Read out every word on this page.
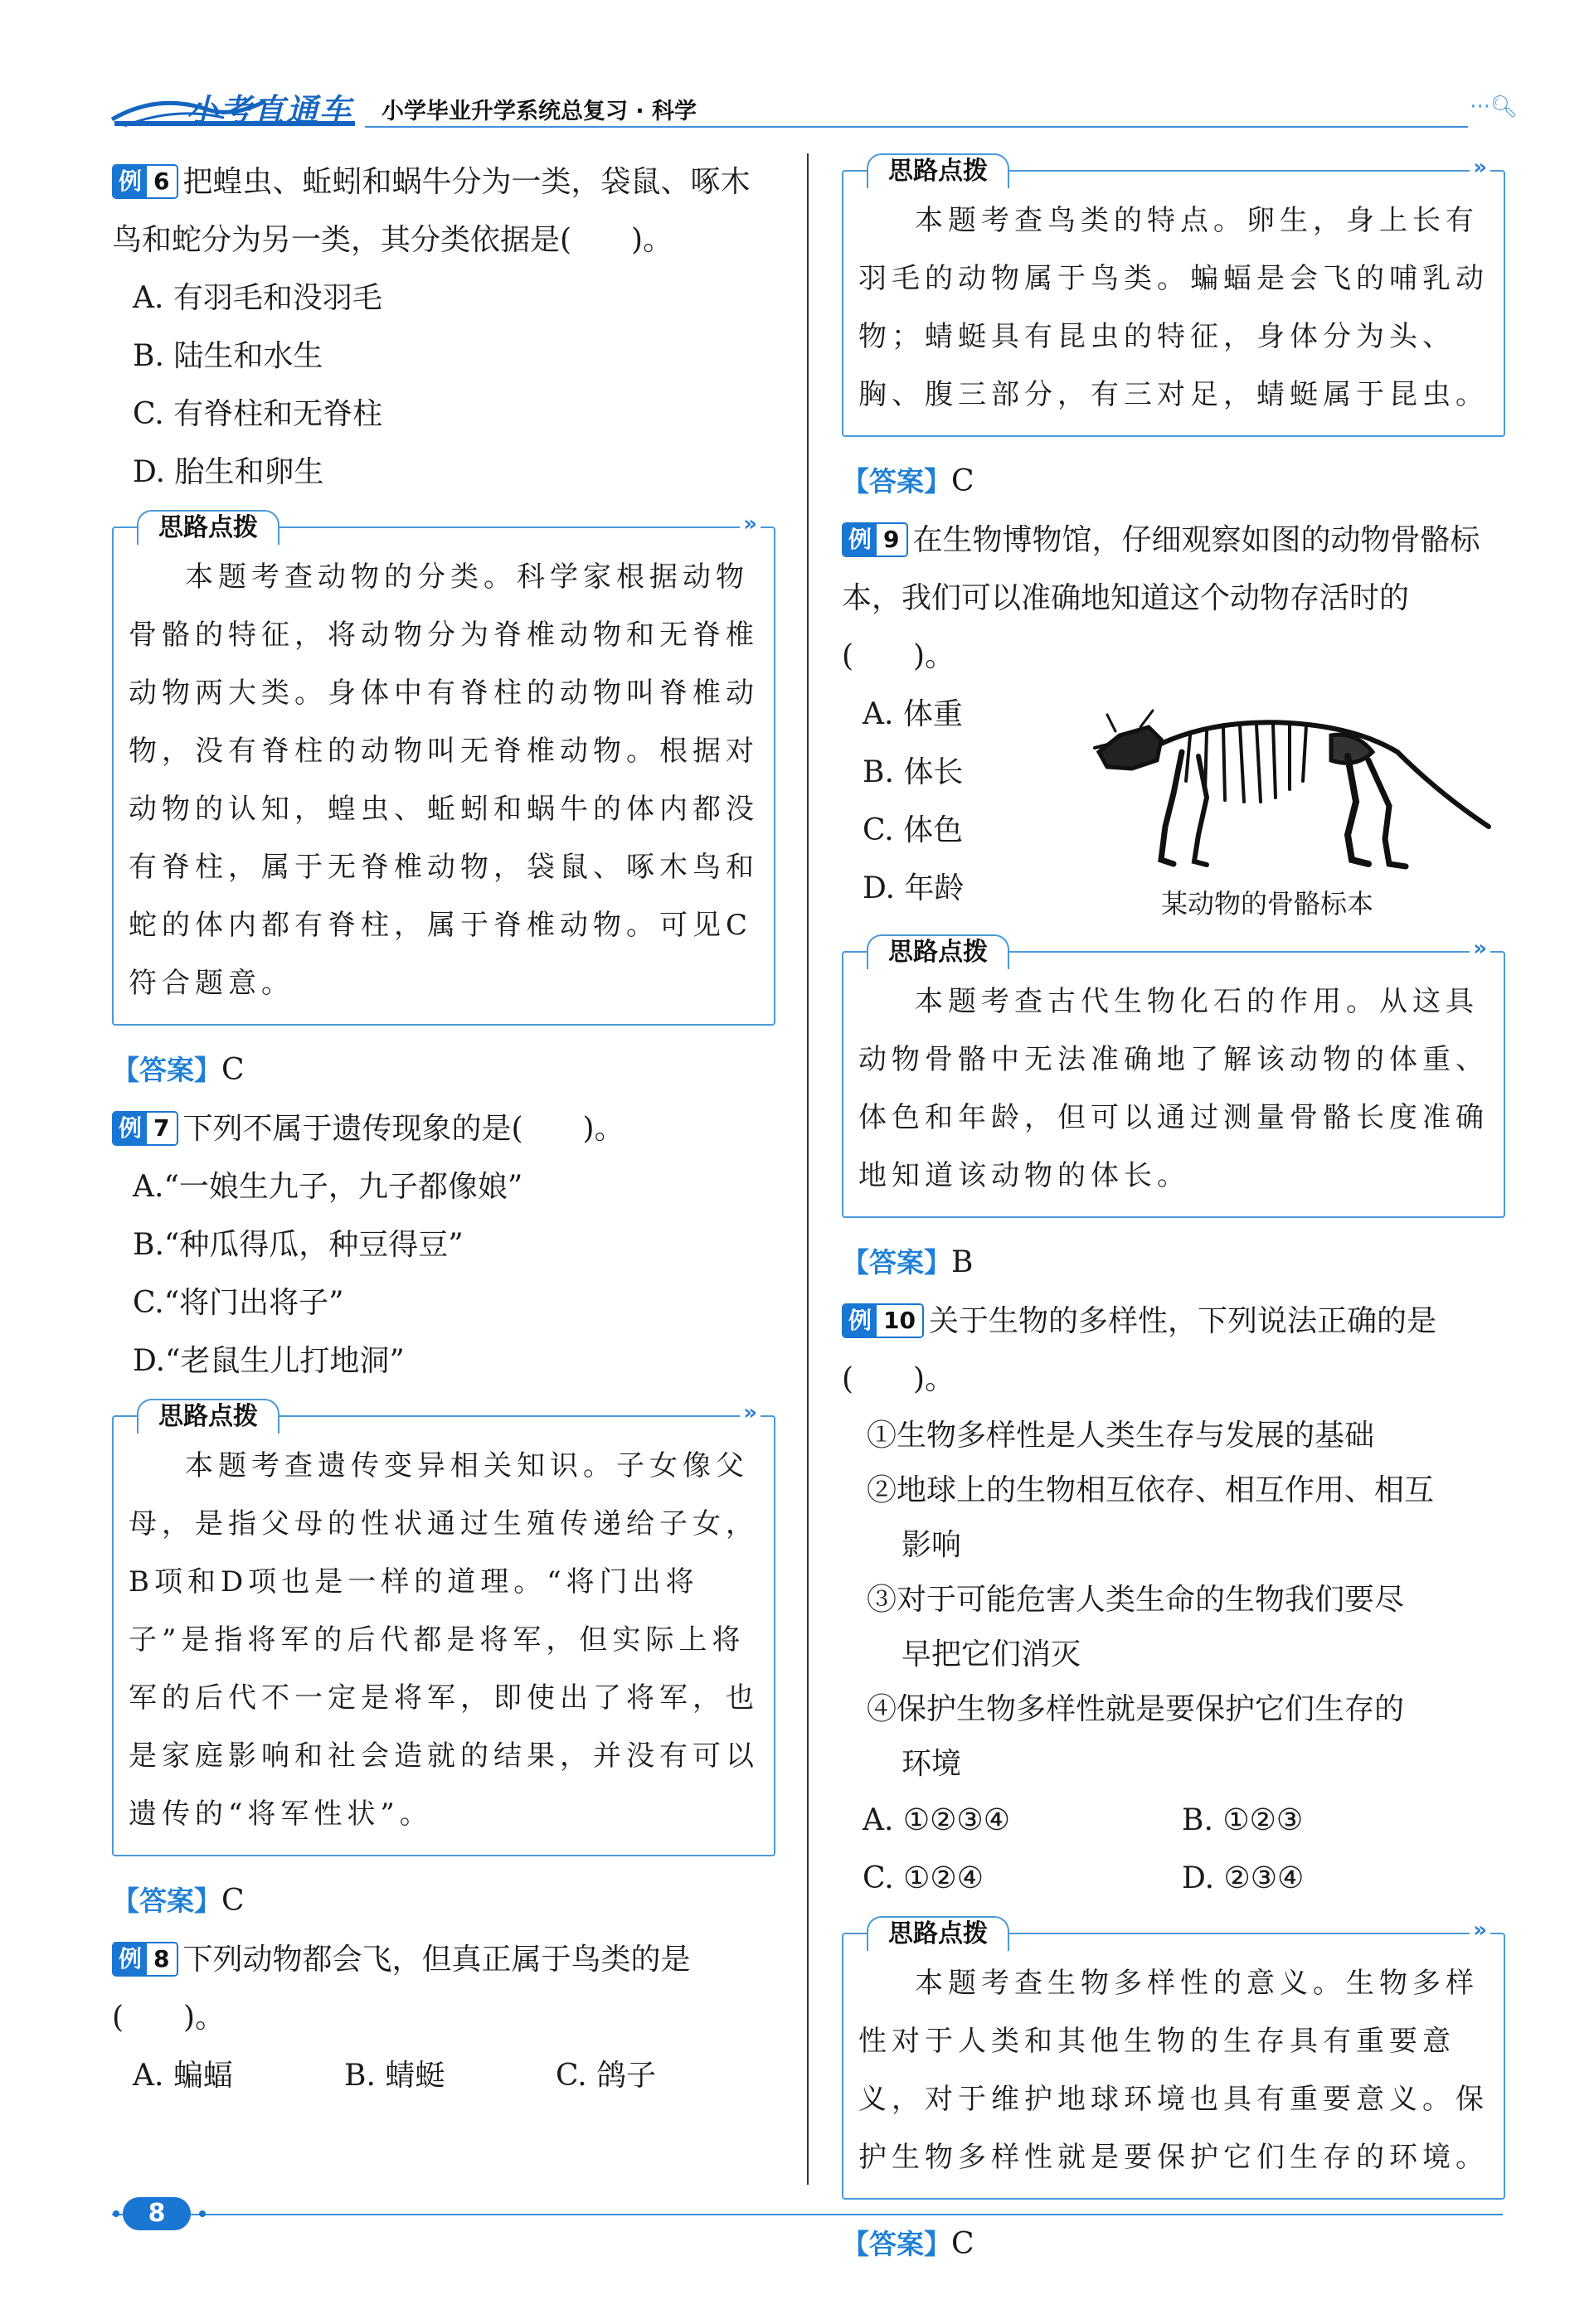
小考直通车 小学毕业升学系统总复习 · 科学	···🔍︎

例 6 把蝗虫、蚯蚓和蜗牛分为一类，袋鼠、啄木鸟和蛇分为另一类，其分类依据是(　　)。

A. 有羽毛和没羽毛

B. 陆生和水生

C. 有脊柱和无脊柱

D. 胎生和卵生

思路点拨	»

本题考查动物的分类。科学家根据动物骨骼的特征，将动物分为脊椎动物和无脊椎动物两大类。身体中有脊柱的动物叫脊椎动物，没有脊柱的动物叫无脊椎动物。根据对动物的认知，蝗虫、蚯蚓和蜗牛的体内都没有脊柱，属于无脊椎动物，袋鼠、啄木鸟和蛇的体内都有脊柱，属于脊椎动物。可见C符合题意。

【答案】C

例 7 下列不属于遗传现象的是(　　)。

A.“一娘生九子，九子都像娘”

B.“种瓜得瓜，种豆得豆”

C.“将门出将子”

D.“老鼠生儿打地洞”

思路点拨	»

本题考查遗传变异相关知识。子女像父母，是指父母的性状通过生殖传递给子女，B项和D项也是一样的道理。“将门出将子”是指将军的后代都是将军，但实际上将军的后代不一定是将军，即使出了将军，也是家庭影响和社会造就的结果，并没有可以遗传的“将军性状”。

【答案】C

例 8 下列动物都会飞，但真正属于鸟类的是(　　)。

A. 蝙蝠	B. 蜻蜓	C. 鸽子

思路点拨	»

本题考查鸟类的特点。卵生，身上长有羽毛的动物属于鸟类。蝙蝠是会飞的哺乳动物；蜻蜓具有昆虫的特征，身体分为头、胸、腹三部分，有三对足，蜻蜓属于昆虫。

【答案】C

例 9 在生物博物馆，仔细观察如图的动物骨骼标本，我们可以准确地知道这个动物存活时的(　　)。

A. 体重

B. 体长

C. 体色

D. 年龄	某动物的骨骼标本
思路点拨	»

本题考查古代生物化石的作用。从这具动物骨骼中无法准确地了解该动物的体重、体色和年龄，但可以通过测量骨骼长度准确地知道该动物的体长。

【答案】B

例 10 关于生物的多样性，下列说法正确的是(　　)。

①生物多样性是人类生存与发展的基础

②地球上的生物相互依存、相互作用、相互
影响

③对于可能危害人类生命的生物我们要尽
早把它们消灭

④保护生物多样性就是要保护它们生存的
环境

A. ①②③④	B. ①②③

C. ①②④	D. ②③④

思路点拨	»

本题考查生物多样性的意义。生物多样性对于人类和其他生物的生存具有重要意义，对于维护地球环境也具有重要意义。保护生物多样性就是要保护它们生存的环境。

【答案】C

8
